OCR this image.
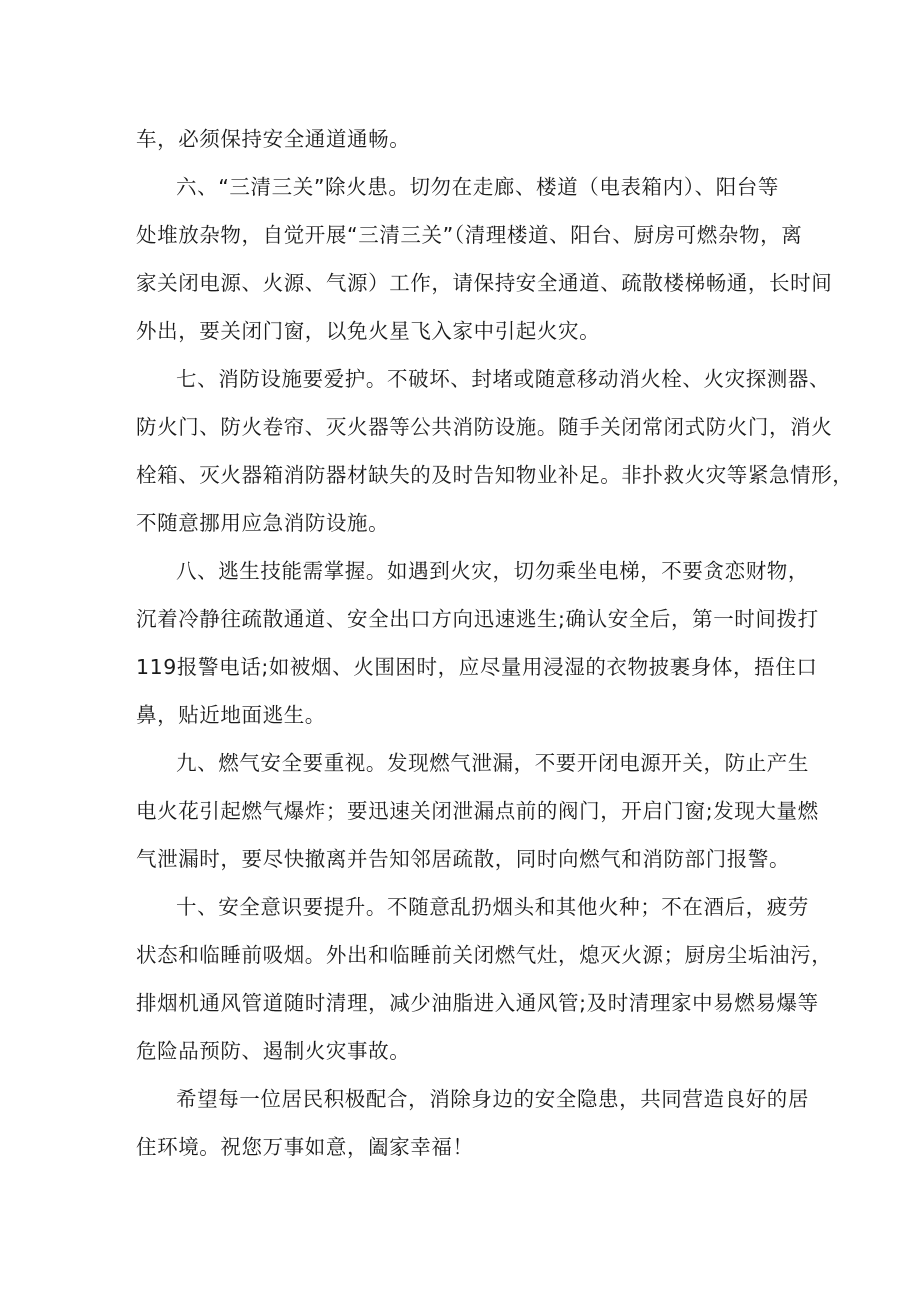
车，必须保持安全通道通畅。
六、“三清三关”除火患。切勿在走廊、楼道（电表箱内）、阳台等
处堆放杂物，自觉开展“三清三关”（清理楼道、阳台、厨房可燃杂物，离
家关闭电源、火源、气源）工作，请保持安全通道、疏散楼梯畅通，长时间
外出，要关闭门窗，以免火星飞入家中引起火灾。
七、消防设施要爱护。不破坏、封堵或随意移动消火栓、火灾探测器、
防火门、防火卷帘、灭火器等公共消防设施。随手关闭常闭式防火门，消火
栓箱、灭火器箱消防器材缺失的及时告知物业补足。非扑救火灾等紧急情形，
不随意挪用应急消防设施。
八、逃生技能需掌握。如遇到火灾，切勿乘坐电梯，不要贪恋财物，
沉着冷静往疏散通道、安全出口方向迅速逃生;确认安全后，第一时间拨打
119报警电话;如被烟、火围困时，应尽量用浸湿的衣物披裹身体，捂住口
鼻，贴近地面逃生。
九、燃气安全要重视。发现燃气泄漏，不要开闭电源开关，防止产生
电火花引起燃气爆炸；要迅速关闭泄漏点前的阀门，开启门窗;发现大量燃
气泄漏时，要尽快撤离并告知邻居疏散，同时向燃气和消防部门报警。
十、安全意识要提升。不随意乱扔烟头和其他火种；不在酒后，疲劳
状态和临睡前吸烟。外出和临睡前关闭燃气灶，熄灭火源；厨房尘垢油污，
排烟机通风管道随时清理，减少油脂进入通风管;及时清理家中易燃易爆等
危险品预防、遏制火灾事故。
希望每一位居民积极配合，消除身边的安全隐患，共同营造良好的居
住环境。祝您万事如意，阖家幸福！
